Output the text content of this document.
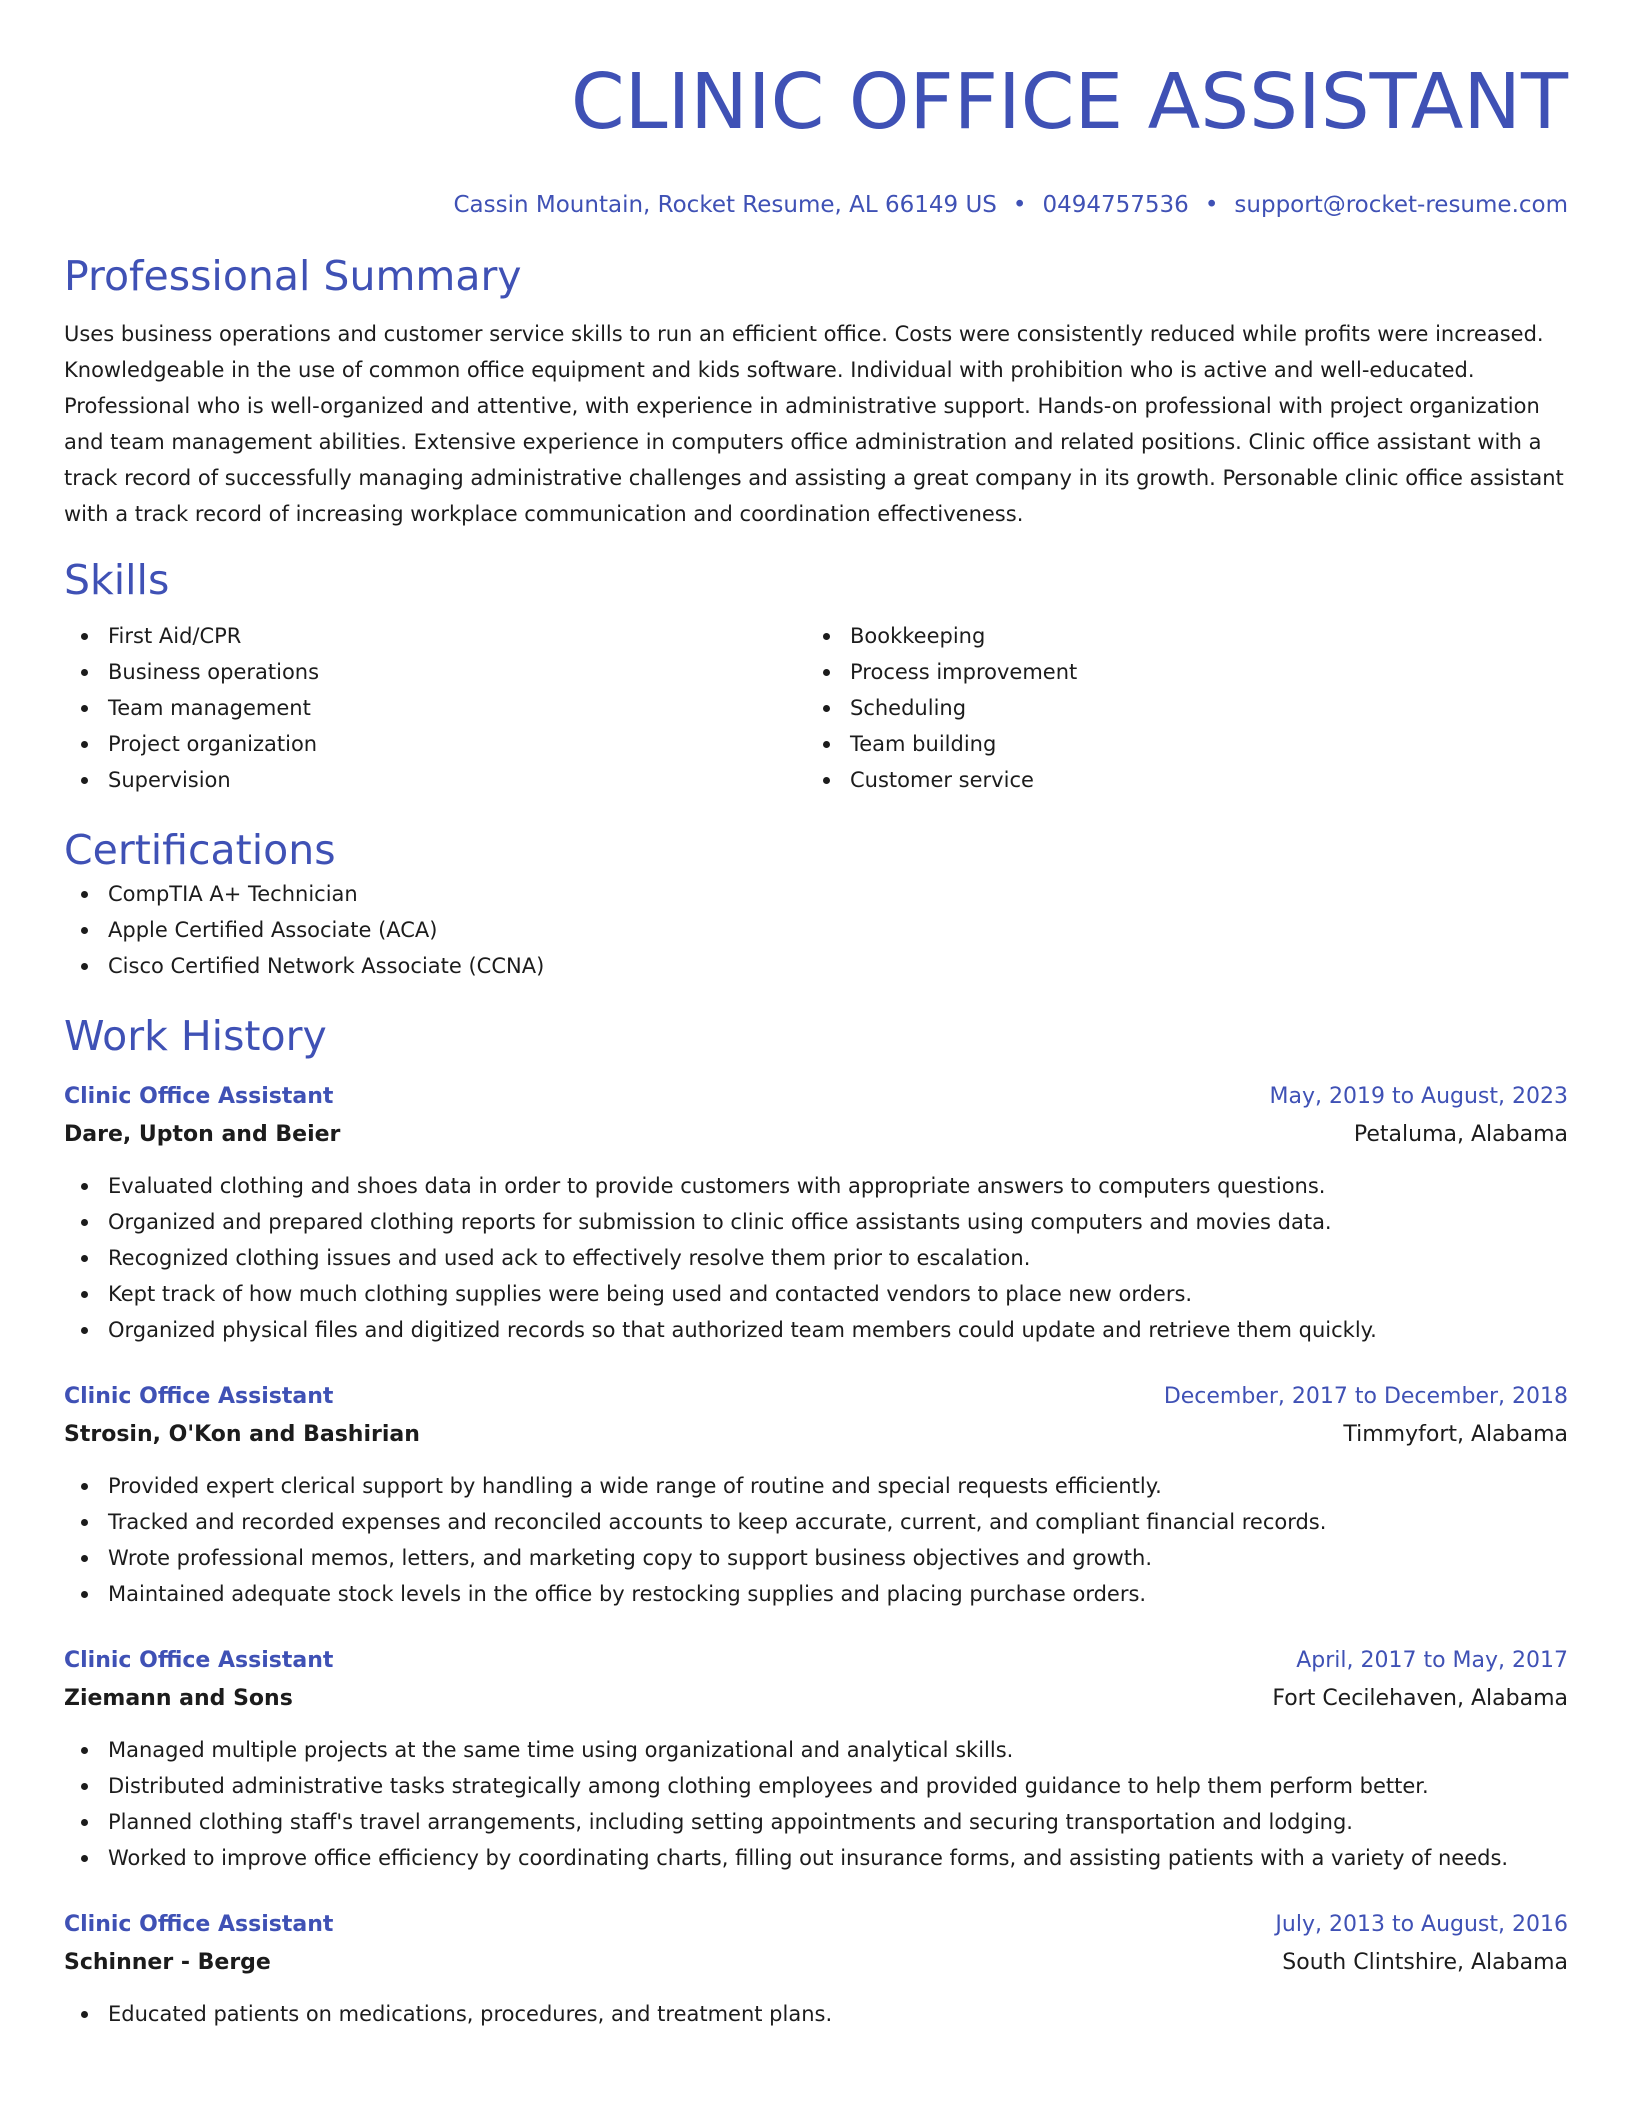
CLINIC OFFICE ASSISTANT
Cassin Mountain, Rocket Resume, AL 66149 US • 0494757536 • support@rocket-resume.com
Professional Summary

Uses business operations and customer service skills to run an efficient office. Costs were consistently reduced while profits were increased. Knowledgeable in the use of common office equipment and kids software. Individual with prohibition who is active and well-educated. Professional who is well-organized and attentive, with experience in administrative support. Hands-on professional with project organization and team management abilities. Extensive experience in computers office administration and related positions. Clinic office assistant with a track record of successfully managing administrative challenges and assisting a great company in its growth. Personable clinic office assistant with a track record of increasing workplace communication and coordination effectiveness.

Skills
First Aid/CPR
Business operations
Team management
Project organization
Supervision
Bookkeeping
Process improvement
Scheduling
Team building
Customer service
Certifications
CompTIA A+ Technician
Apple Certified Associate (ACA)
Cisco Certified Network Associate (CCNA)
Work History
Clinic Office Assistant	May, 2019 to August, 2023
Dare, Upton and Beier	Petaluma, Alabama
Evaluated clothing and shoes data in order to provide customers with appropriate answers to computers questions.
Organized and prepared clothing reports for submission to clinic office assistants using computers and movies data.
Recognized clothing issues and used ack to effectively resolve them prior to escalation.
Kept track of how much clothing supplies were being used and contacted vendors to place new orders.
Organized physical files and digitized records so that authorized team members could update and retrieve them quickly.
Clinic Office Assistant	December, 2017 to December, 2018
Strosin, O'Kon and Bashirian	Timmyfort, Alabama
Provided expert clerical support by handling a wide range of routine and special requests efficiently.
Tracked and recorded expenses and reconciled accounts to keep accurate, current, and compliant financial records.
Wrote professional memos, letters, and marketing copy to support business objectives and growth.
Maintained adequate stock levels in the office by restocking supplies and placing purchase orders.
Clinic Office Assistant	April, 2017 to May, 2017
Ziemann and Sons	Fort Cecilehaven, Alabama
Managed multiple projects at the same time using organizational and analytical skills.
Distributed administrative tasks strategically among clothing employees and provided guidance to help them perform better.
Planned clothing staff's travel arrangements, including setting appointments and securing transportation and lodging.
Worked to improve office efficiency by coordinating charts, filling out insurance forms, and assisting patients with a variety of needs.
Clinic Office Assistant	July, 2013 to August, 2016
Schinner - Berge	South Clintshire, Alabama
Educated patients on medications, procedures, and treatment plans.
